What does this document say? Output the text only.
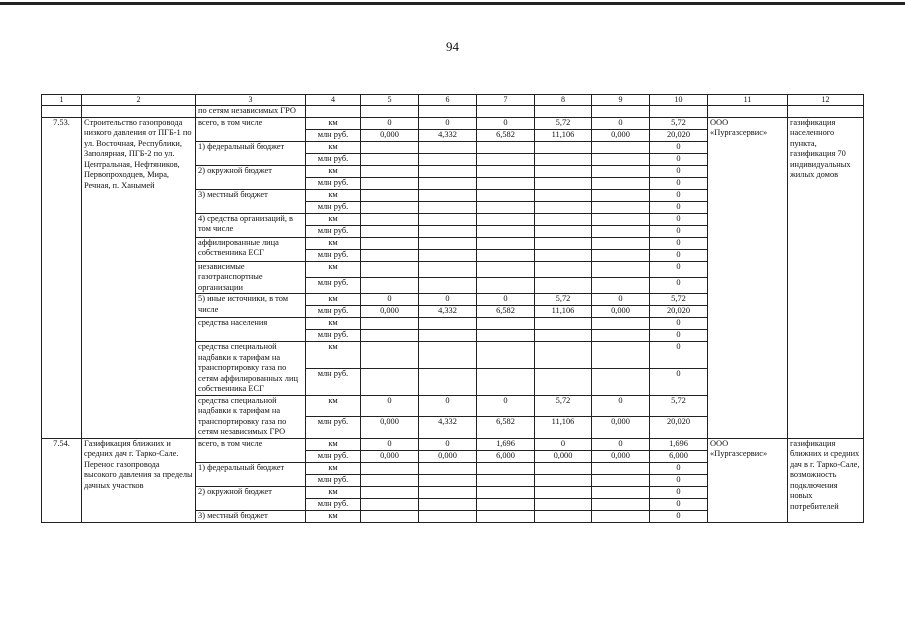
94
1	2	3	4	5	6	7	8	9	10	11	12
		по сетям независимых ГРО									
7.53.	Строительство газопровода низкого давления от ПГБ-1 по ул. Восточная, Республики, Заполярная, ПГБ-2 по ул. Центральная, Нефтяников, Первопроходцев, Мира, Речная, п. Ханымей	всего, в том числе	км	0	0	0	5,72	0	5,72	ООО «Пургазсервис»	газификация населенного пункта, газификация 70 индивидуальных жилых домов
			млн руб.	0,000	4,332	6,582	11,106	0,000	20,020		
		1) федеральный бюджет	км						0		
			млн руб.						0		
		2) окружной бюджет	км						0		
			млн руб.						0		
		3) местный бюджет	км						0		
			млн руб.						0		
		4) средства организаций, в том числе	км						0		
			млн руб.						0		
		аффилированные лица собственника ЕСГ	км						0		
			млн руб.						0		
		независимые газотранспортные организации	км						0		
			млн руб.						0		
		5) иные источники, в том числе	км	0	0	0	5,72	0	5,72		
			млн руб.	0,000	4,332	6,582	11,106	0,000	20,020		
		средства населения	км						0		
			млн руб.						0		
		средства специальной надбавки к тарифам на транспортировку газа по сетям аффилированных лиц собственника ЕСГ	км						0		
			млн руб.						0		
		средства специальной надбавки к тарифам на транспортировку газа по сетям независимых ГРО	км	0	0	0	5,72	0	5,72		
			млн руб.	0,000	4,332	6,582	11,106	0,000	20,020		
7.54.	Газификация ближних и средних дач г. Тарко-Сале. Перенос газопровода высокого давления за пределы дачных участков	всего, в том числе	км	0	0	1,696	0	0	1,696	ООО «Пургазсервис»	газификация ближних и средних дач в г. Тарко-Сале, возможность подключения новых потребителей
			млн руб.	0,000	0,000	6,000	0,000	0,000	6,000		
		1) федеральный бюджет	км						0		
			млн руб.						0		
		2) окружной бюджет	км						0		
			млн руб.						0		
		3) местный бюджет	км						0		
